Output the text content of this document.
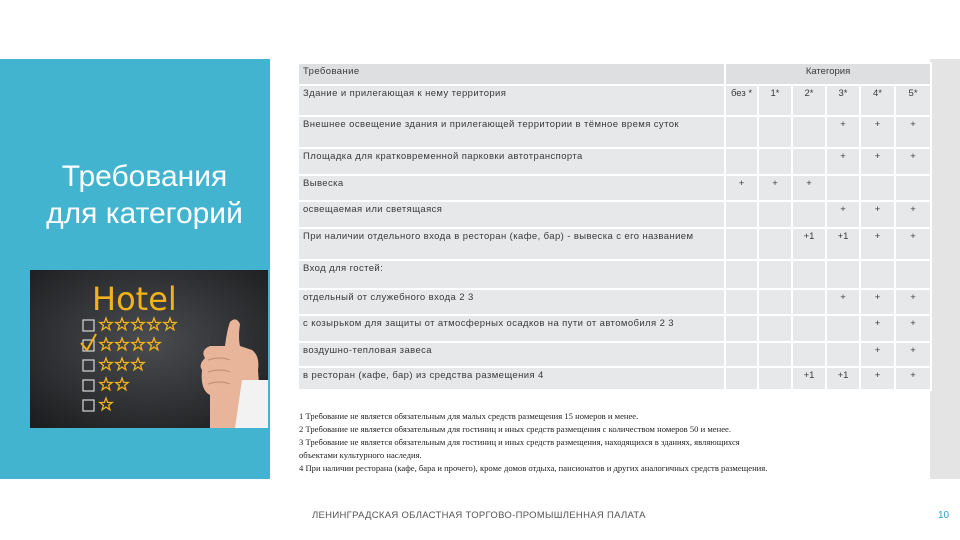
Требования
для категорий
Hotel
Требование	Категория					
Здание и прилегающая к нему территория	без *	1*	2*	3*	4*	5*
Внешнее освещение здания и прилегающей территории в тёмное время суток				+	+	+
Площадка для кратковременной парковки автотранспорта				+	+	+
Вывеска	+	+	+			
освещаемая или светящаяся				+	+	+
При наличии отдельного входа в ресторан (кафе, бар) - вывеска с его названием			+1	+1	+	+
Вход для гостей:						
отдельный от служебного входа 2 3				+	+	+
с козырьком для защиты от атмосферных осадков на пути от автомобиля 2 3					+	+
воздушно-тепловая завеса					+	+
в ресторан (кафе, бар) из средства размещения 4			+1	+1	+	+
1 Требование не является обязательным для малых средств размещения 15 номеров и менее.
2 Требование не является обязательным для гостиниц и иных средств размещения с количеством номеров 50 и менее.
3 Требование не является обязательным для гостиниц и иных средств размещения, находящихся в зданиях, являющихся
объектами культурного наследия.
4 При наличии ресторана (кафе, бара и прочего), кроме домов отдыха, пансионатов и других аналогичных средств размещения.
ЛЕНИНГРАДСКАЯ ОБЛАСТНАЯ ТОРГОВО-ПРОМЫШЛЕННАЯ ПАЛАТА	10
